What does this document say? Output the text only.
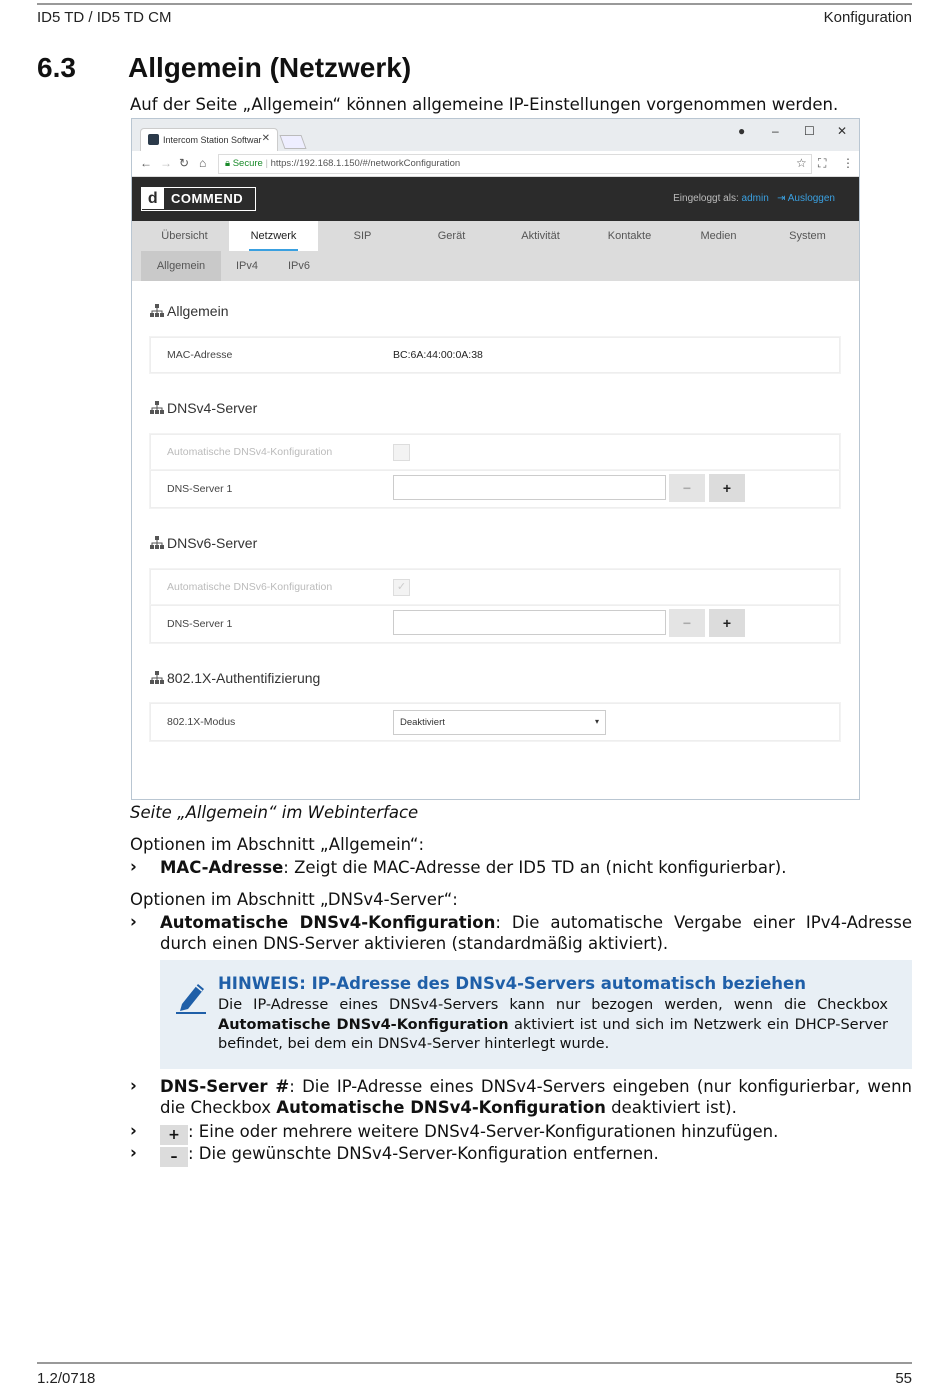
ID5 TD / ID5 TD CM	Konfiguration
6.3 Allgemein (Netzwerk)
Auf der Seite „Allgemein“ können allgemeine IP-Einstellungen vorgenommen werden.
Intercom Station Softwar ✕
● – ☐ ✕
← → ↻ ⌂	🔒︎ Secure | https://192.168.1.150/#/networkConfiguration	☆ ⛶ ⋮
d COMMEND	Eingeloggt als: admin ⇥ Ausloggen
Übersicht	Netzwerk	SIP	Gerät	Aktivität	Kontakte	Medien	System
Allgemein	IPv4	IPv6
Allgemein
MAC-Adresse	BC:6A:44:00:0A:38
DNSv4-Server
Automatische DNSv4-Konfiguration
DNS-Server 1	−	+
DNSv6-Server
Automatische DNSv6-Konfiguration	✓
DNS-Server 1	−	+
802.1X-Authentifizierung
802.1X-Modus	Deaktiviert	▾
Seite „Allgemein“ im Webinterface
Optionen im Abschnitt „Allgemein“:
› MAC-Adresse: Zeigt die MAC-Adresse der ID5 TD an (nicht konfigurierbar).
Optionen im Abschnitt „DNSv4-Server“:
› Automatische DNSv4-Konfiguration: Die automatische Vergabe einer IPv4-Adresse durch einen DNS-Server aktivieren (standardmäßig aktiviert).
HINWEIS: IP-Adresse des DNSv4-Servers automatisch beziehen
Die IP-Adresse eines DNSv4-Servers kann nur bezogen werden, wenn die Checkbox Automatische DNSv4-Konfiguration aktiviert ist und sich im Netzwerk ein DHCP-Server befindet, bei dem ein DNSv4-Server hinterlegt wurde.
› DNS-Server #: Die IP-Adresse eines DNSv4-Servers eingeben (nur konfigurierbar, wenn die Checkbox Automatische DNSv4-Konfiguration deaktiviert ist).
›	+ : Eine oder mehrere weitere DNSv4-Server-Konfigurationen hinzufügen.
›	– : Die gewünschte DNSv4-Server-Konfiguration entfernen.
1.2/0718	55
